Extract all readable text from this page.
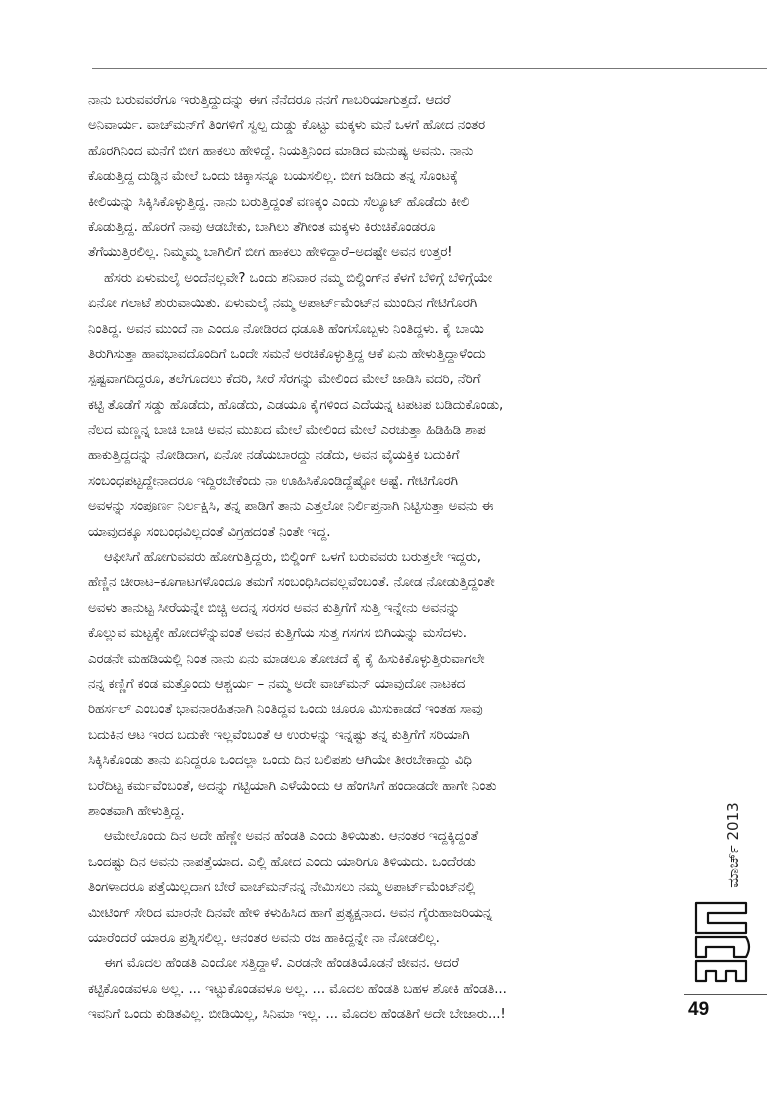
ನಾನು ಬರುವವರೆಗೂ ಇರುತ್ತಿದ್ದುದನ್ನು ಈಗ ನೆನೆದರೂ ನನಗೆ ಗಾಬರಿಯಾಗುತ್ತದೆ. ಆದರೆ
ಅನಿವಾರ್ಯ. ವಾಚ್‍ಮನ್‍ಗೆ ತಿಂಗಳಿಗೆ ಸ್ವಲ್ಪ ದುಡ್ಡು ಕೊಟ್ಟು ಮಕ್ಕಳು ಮನೆ ಒಳಗೆ ಹೋದ ನಂತರ
ಹೊರಗಿನಿಂದ ಮನೆಗೆ ಬೀಗ ಹಾಕಲು ಹೇಳಿದ್ದೆ. ನಿಯತ್ತಿನಿಂದ ಮಾಡಿದ ಮನುಷ್ಯ ಅವನು. ನಾನು
ಕೊಡುತ್ತಿದ್ದ ದುಡ್ಡಿನ ಮೇಲೆ ಒಂದು ಚಿಕ್ಕಾಸನ್ನೂ ಬಯಸಲಿಲ್ಲ. ಬೀಗ ಜಡಿದು ತನ್ನ ಸೊಂಟಕ್ಕೆ
ಕೀಲಿಯನ್ನು ಸಿಕ್ಕಿಸಿಕೊಳ್ಳುತ್ತಿದ್ದ. ನಾನು ಬರುತ್ತಿದ್ದಂತೆ ವಣಕ್ಕಂ ಎಂದು ಸೆಲ್ಯೂಟ್ ಹೊಡೆದು ಕೀಲಿ
ಕೊಡುತ್ತಿದ್ದ. ಹೊರಗೆ ನಾವು ಆಡಬೇಕು, ಬಾಗಿಲು ತೆಗೀಂತ ಮಕ್ಕಳು ಕಿರುಚಿಕೊಂಡರೂ
ತೆಗೆಯುತ್ತಿರಲಿಲ್ಲ. ನಿಮ್ಮಮ್ಮ ಬಾಗಿಲಿಗೆ ಬೀಗ ಹಾಕಲು ಹೇಳಿದ್ದಾರೆ–ಅದಷ್ಟೇ ಅವನ ಉತ್ತರ!
ಹೆಸರು ಏಳುಮಲೈ ಅಂದೆನಲ್ಲವೇ? ಒಂದು ಶನಿವಾರ ನಮ್ಮ ಬಿಲ್ಡಿಂಗ್‍ನ ಕೆಳಗೆ ಬೆಳಿಗ್ಗೆ ಬೆಳಿಗ್ಗೆಯೇ
ಏನೋ ಗಲಾಟೆ ಶುರುವಾಯಿತು. ಏಳುಮಲೈ ನಮ್ಮ ಅಪಾರ್ಟ್‍ಮೆಂಟ್‍ನ ಮುಂದಿನ ಗೇಟಿಗೊರಗಿ
ನಿಂತಿದ್ದ. ಅವನ ಮುಂದೆ ನಾ ಎಂದೂ ನೋಡಿರದ ಧಡೂತಿ ಹೆಂಗಸೊಬ್ಬಳು ನಿಂತಿದ್ದಳು. ಕೈ ಬಾಯಿ
ತಿರುಗಿಸುತ್ತಾ ಹಾವಭಾವದೊಂದಿಗೆ ಒಂದೇ ಸಮನೆ ಅರಚಿಕೊಳ್ಳುತ್ತಿದ್ದ ಆಕೆ ಏನು ಹೇಳುತ್ತಿದ್ದಾಳೆಂದು
ಸ್ಪಷ್ಟವಾಗದಿದ್ದರೂ, ತಲೆಗೂದಲು ಕೆದರಿ, ಸೀರೆ ಸೆರಗನ್ನು ಮೇಲಿಂದ ಮೇಲೆ ಜಾಡಿಸಿ ವದರಿ, ನೆರಿಗೆ
ಕಟ್ಟಿ ತೊಡೆಗೆ ಸಡ್ಡು ಹೊಡೆದು, ಹೊಡೆದು, ಎಡಯೂ ಕೈಗಳಿಂದ ಎದೆಯನ್ನ ಟಪಟಪ ಬಡಿದುಕೊಂಡು,
ನೆಲದ ಮಣ್ಣನ್ನ ಬಾಚಿ ಬಾಚಿ ಅವನ ಮುಖದ ಮೇಲೆ ಮೇಲಿಂದ ಮೇಲೆ ಎರಚುತ್ತಾ ಹಿಡಿಹಿಡಿ ಶಾಪ
ಹಾಕುತ್ತಿದ್ದದನ್ನು ನೋಡಿದಾಗ, ಏನೋ ನಡೆಯಬಾರದ್ದು ನಡೆದು, ಅವನ ವೈಯಕ್ತಿಕ ಬದುಕಿಗೆ
ಸಂಬಂಧಪಟ್ಟದ್ದೇನಾದರೂ ಇದ್ದಿರಬೇಕೆಂದು ನಾ ಊಹಿಸಿಕೊಂಡಿದ್ದೆಷ್ಟೋ ಅಷ್ಟೆ. ಗೇಟಿಗೊರಗಿ
ಅವಳನ್ನು ಸಂಪೂರ್ಣ ನಿರ್ಲಕ್ಷಿಸಿ, ತನ್ನ ಪಾಡಿಗೆ ತಾನು ಎತ್ತಲೋ ನಿರ್ಲಿಪ್ತನಾಗಿ ನಿಟ್ಟಿಸುತ್ತಾ ಅವನು ಈ
ಯಾವುದಕ್ಕೂ ಸಂಬಂಧವಿಲ್ಲದಂತೆ ವಿಗ್ರಹದಂತೆ ನಿಂತೇ ಇದ್ದ.
ಆಫೀಸಿಗೆ ಹೋಗುವವರು ಹೋಗುತ್ತಿದ್ದರು, ಬಿಲ್ಡಿಂಗ್ ಒಳಗೆ ಬರುವವರು ಬರುತ್ತಲೇ ಇದ್ದರು,
ಹೆಣ್ಣಿನ ಚೀರಾಟ–ಕೂಗಾಟಗಳೊಂದೂ ತಮಗೆ ಸಂಬಂಧಿಸಿದವಲ್ಲವೆಂಬಂತೆ. ನೋಡ ನೋಡುತ್ತಿದ್ದಂತೇ
ಅವಳು ತಾನುಟ್ಟ ಸೀರೆಯನ್ನೇ ಬಿಚ್ಚಿ ಅದನ್ನ ಸರಸರ ಅವನ ಕುತ್ತಿಗೆಗೆ ಸುತ್ತಿ ಇನ್ನೇನು ಅವನನ್ನು
ಕೊಲ್ಲುವ ಮಟ್ಟಕ್ಕೇ ಹೋದಳೆನ್ನುವಂತೆ ಅವನ ಕುತ್ತಿಗೆಯ ಸುತ್ತ ಗಸಗಸ ಬಿಗಿಯನ್ನು ಮಸೆದಳು.
ಎರಡನೇ ಮಹಡಿಯಲ್ಲಿ ನಿಂತ ನಾನು ಏನು ಮಾಡಲೂ ತೋಚದೆ ಕೈ ಕೈ ಹಿಸುಕಿಕೊಳ್ಳುತ್ತಿರುವಾಗಲೇ
ನನ್ನ ಕಣ್ಣಿಗೆ ಕಂಡ ಮತ್ತೊಂದು ಆಶ್ಚರ್ಯ – ನಮ್ಮ ಅದೇ ವಾಚ್‍ಮನ್ ಯಾವುದೋ ನಾಟಕದ
ರಿಹರ್ಸಲ್ ಎಂಬಂತೆ ಭಾವನಾರಹಿತನಾಗಿ ನಿಂತಿದ್ದವ ಒಂದು ಚೂರೂ ಮಿಸುಕಾಡದೆ ಇಂತಹ ಸಾವು
ಬದುಕಿನ ಆಟ ಇರದ ಬದುಕೇ ಇಲ್ಲವೆಂಬಂತೆ ಆ ಉರುಳನ್ನು ಇನ್ನಷ್ಟು ತನ್ನ ಕುತ್ತಿಗೆಗೆ ಸರಿಯಾಗಿ
ಸಿಕ್ಕಿಸಿಕೊಂಡು ತಾನು ಏನಿದ್ದರೂ ಒಂದಲ್ಲಾ ಒಂದು ದಿನ ಬಲಿಪಶು ಆಗಿಯೇ ತೀರಬೇಕಾದ್ದು ವಿಧಿ
ಬರೆದಿಟ್ಟ ಕರ್ಮವೆಂಬಂತೆ, ಅದನ್ನು ಗಟ್ಟಿಯಾಗಿ ಎಳೆಯೆಂದು ಆ ಹೆಂಗಸಿಗೆ ಹಂದಾಡದೇ ಹಾಗೇ ನಿಂತು
ಶಾಂತವಾಗಿ ಹೇಳುತ್ತಿದ್ದ.
ಆಮೇಲೊಂದು ದಿನ ಅದೇ ಹೆಣ್ಣೇ ಅವನ ಹೆಂಡತಿ ಎಂದು ತಿಳಿಯಿತು. ಆನಂತರ ಇದ್ದಕ್ಕಿದ್ದಂತೆ
ಒಂದಷ್ಟು ದಿನ ಅವನು ನಾಪತ್ತೆಯಾದ. ಎಲ್ಲಿ ಹೋದ ಎಂದು ಯಾರಿಗೂ ತಿಳಿಯದು. ಒಂದೆರಡು
ತಿಂಗಳಾದರೂ ಪತ್ತೆಯಿಲ್ಲದಾಗ ಬೇರೆ ವಾಚ್‍ಮನ್‍ನನ್ನ ನೇಮಿಸಲು ನಮ್ಮ ಅಪಾರ್ಟ್‍ಮೆಂಟ್‍ನಲ್ಲಿ
ಮೀಟಿಂಗ್ ಸೇರಿದ ಮಾರನೇ ದಿನವೇ ಹೇಳಿ ಕಳುಹಿಸಿದ ಹಾಗೆ ಪ್ರತ್ಯಕ್ಷನಾದ. ಅವನ ಗೈರುಹಾಜರಿಯನ್ನ
ಯಾರೆಂದರೆ ಯಾರೂ ಪ್ರಶ್ನಿಸಲಿಲ್ಲ. ಆನಂತರ ಅವನು ರಜ ಹಾಕಿದ್ದನ್ನೇ ನಾ ನೋಡಲಿಲ್ಲ.
ಈಗ ಮೊದಲ ಹೆಂಡತಿ ಎಂದೋ ಸತ್ತಿದ್ದಾಳೆ. ಎರಡನೇ ಹೆಂಡತಿಯೊಡನೆ ಜೀವನ. ಆದರೆ
ಕಟ್ಟಿಕೊಂಡವಳೂ ಅಲ್ಲ. ... ಇಟ್ಟುಕೊಂಡವಳೂ ಅಲ್ಲ. ... ಮೊದಲ ಹೆಂಡತಿ ಬಹಳ ಶೋಕಿ ಹೆಂಡತಿ...
ಇವನಿಗೆ ಒಂದು ಕುಡಿತವಿಲ್ಲ. ಬೀಡಿಯಿಲ್ಲ, ಸಿನಿಮಾ ಇಲ್ಲ. ... ಮೊದಲ ಹೆಂಡತಿಗೆ ಅದೇ ಬೇಜಾರು...!
ಮಾರ್ಚ್ 2013
49
